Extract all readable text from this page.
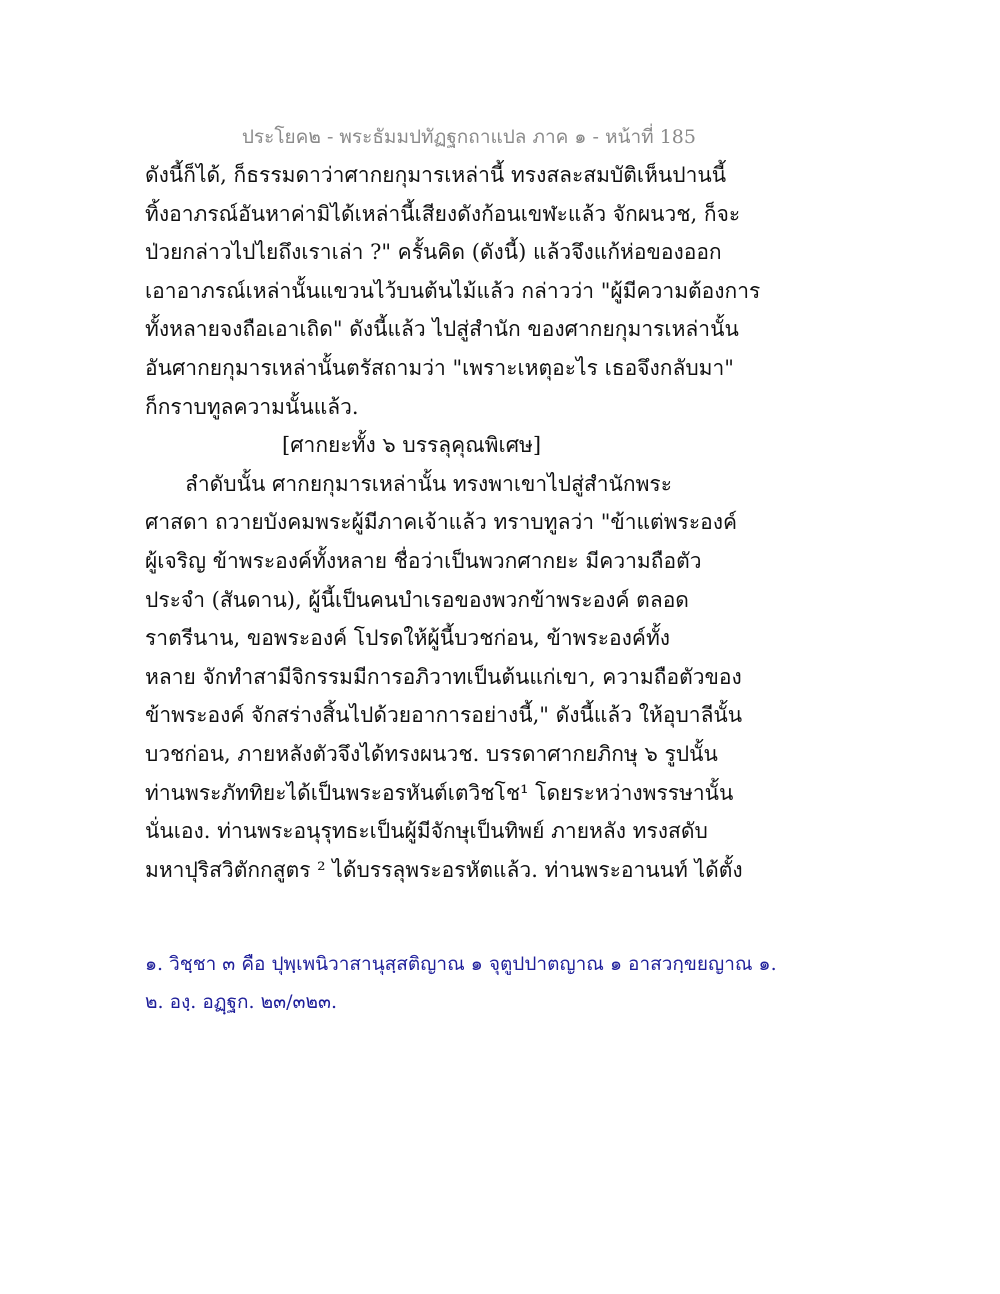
ประโยค๒ - พระธัมมปทัฏฐกถาแปล ภาค ๑ - หน้าที่ 185
ดังนี้ก็ได้, ก็ธรรมดาว่าศากยกุมารเหล่านี้ ทรงสละสมบัติเห็นปานนี้
ทิ้งอาภรณ์อันหาค่ามิได้เหล่านี้เสียงดังก้อนเขฬะแล้ว จักผนวช, ก็จะ
ป่วยกล่าวไปไยถึงเราเล่า ?" ครั้นคิด (ดังนี้) แล้วจึงแก้ห่อของออก
เอาอาภรณ์เหล่านั้นแขวนไว้บนต้นไม้แล้ว กล่าวว่า "ผู้มีความต้องการ
ทั้งหลายจงถือเอาเถิด" ดังนี้แล้ว ไปสู่สำนัก ของศากยกุมารเหล่านั้น
อันศากยกุมารเหล่านั้นตรัสถามว่า "เพราะเหตุอะไร เธอจึงกลับมา"
ก็กราบทูลความนั้นแล้ว.
[ศากยะทั้ง ๖ บรรลุคุณพิเศษ]
ลำดับนั้น ศากยกุมารเหล่านั้น ทรงพาเขาไปสู่สำนักพระ
ศาสดา ถวายบังคมพระผู้มีภาคเจ้าแล้ว ทราบทูลว่า "ข้าแต่พระองค์
ผู้เจริญ ข้าพระองค์ทั้งหลาย ชื่อว่าเป็นพวกศากยะ มีความถือตัว
ประจำ (สันดาน), ผู้นี้เป็นคนบำเรอของพวกข้าพระองค์ ตลอด
ราตรีนาน, ขอพระองค์ โปรดให้ผู้นี้บวชก่อน, ข้าพระองค์ทั้ง
หลาย จักทำสามีจิกรรมมีการอภิวาทเป็นต้นแก่เขา, ความถือตัวของ
ข้าพระองค์ จักสร่างสิ้นไปด้วยอาการอย่างนี้," ดังนี้แล้ว ให้อุบาลีนั้น
บวชก่อน, ภายหลังตัวจึงได้ทรงผนวช. บรรดาศากยภิกษุ ๖ รูปนั้น
ท่านพระภัททิยะได้เป็นพระอรหันต์เตวิชโช¹ โดยระหว่างพรรษานั้น
นั่นเอง. ท่านพระอนุรุทธะเป็นผู้มีจักษุเป็นทิพย์ ภายหลัง ทรงสดับ
มหาปุริสวิตักกสูตร ² ได้บรรลุพระอรหัตแล้ว. ท่านพระอานนท์ ได้ตั้ง
๑. วิชฺชา ๓ คือ ปุพฺเพนิวาสานุสฺสติญาณ ๑ จุตูปปาตญาณ ๑ อาสวกฺขยญาณ ๑.
๒. องฺ. อฏฺฐก. ๒๓/๓๒๓.
